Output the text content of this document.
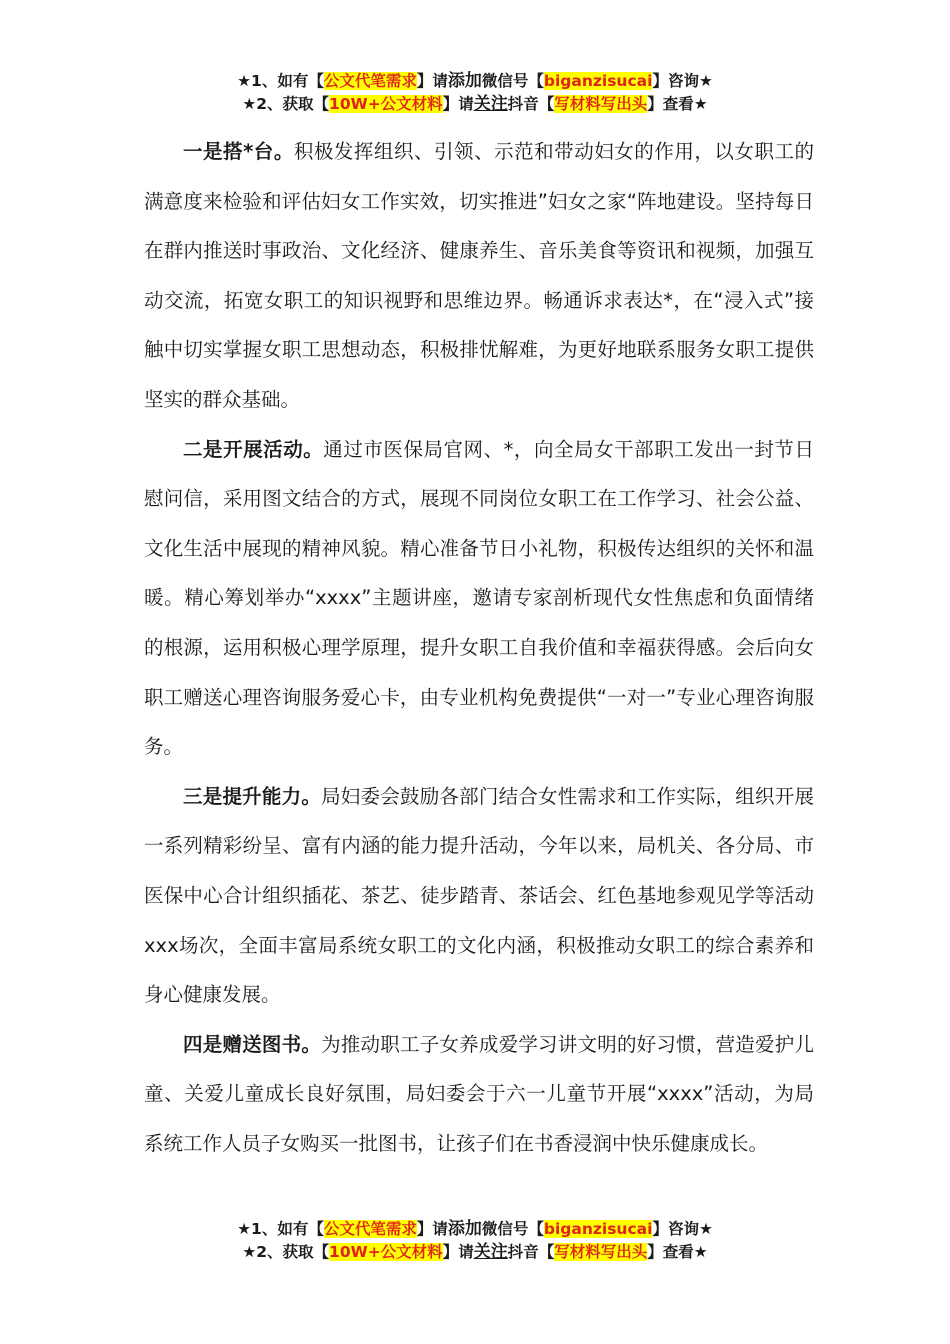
★1、如有【公文代笔需求】请添加微信号【biganzisucai】咨询★
★2、获取【10W+公文材料】请关注抖音【写材料写出头】查看★

一是搭*台。积极发挥组织、引领、示范和带动妇女的作用，以女职工的满意度来检验和评估妇女工作实效，切实推进”妇女之家“阵地建设。坚持每日在群内推送时事政治、文化经济、健康养生、音乐美食等资讯和视频，加强互动交流，拓宽女职工的知识视野和思维边界。畅通诉求表达*，在“浸入式”接触中切实掌握女职工思想动态，积极排忧解难，为更好地联系服务女职工提供坚实的群众基础。

二是开展活动。通过市医保局官网、*，向全局女干部职工发出一封节日慰问信，采用图文结合的方式，展现不同岗位女职工在工作学习、社会公益、文化生活中展现的精神风貌。精心准备节日小礼物，积极传达组织的关怀和温暖。精心筹划举办“xxxx”主题讲座，邀请专家剖析现代女性焦虑和负面情绪的根源，运用积极心理学原理，提升女职工自我价值和幸福获得感。会后向女职工赠送心理咨询服务爱心卡，由专业机构免费提供“一对一”专业心理咨询服务。

三是提升能力。局妇委会鼓励各部门结合女性需求和工作实际，组织开展一系列精彩纷呈、富有内涵的能力提升活动，今年以来，局机关、各分局、市医保中心合计组织插花、茶艺、徒步踏青、茶话会、红色基地参观见学等活动xxx场次，全面丰富局系统女职工的文化内涵，积极推动女职工的综合素养和身心健康发展。

四是赠送图书。为推动职工子女养成爱学习讲文明的好习惯，营造爱护儿童、关爱儿童成长良好氛围，局妇委会于六一儿童节开展“xxxx”活动，为局系统工作人员子女购买一批图书，让孩子们在书香浸润中快乐健康成长。

★1、如有【公文代笔需求】请添加微信号【biganzisucai】咨询★
★2、获取【10W+公文材料】请关注抖音【写材料写出头】查看★
